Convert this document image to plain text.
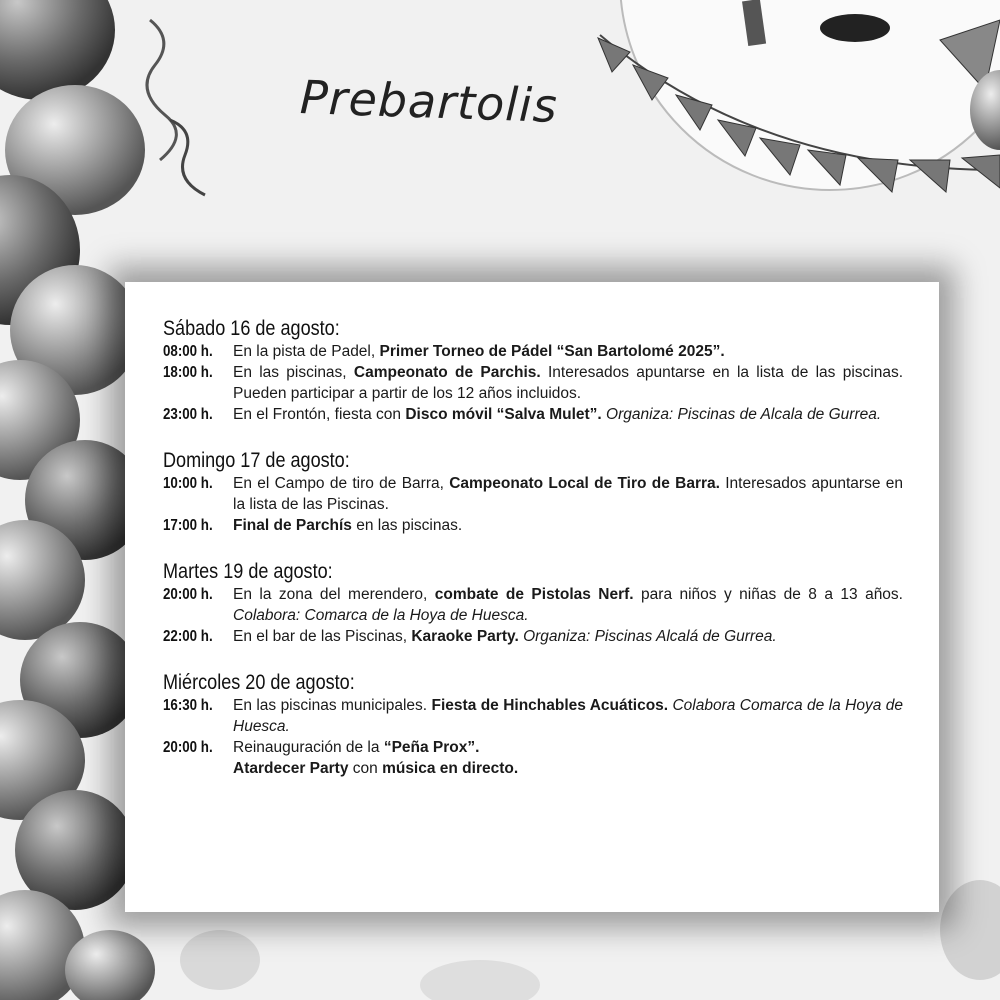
Prebartolis
Sábado 16 de agosto:
08:00 h.	En la pista de Padel, Primer Torneo de Pádel “San Bartolomé 2025”.
18:00 h.	En las piscinas, Campeonato de Parchis. Interesados apuntarse en la lista de las piscinas. Pueden participar a partir de los 12 años incluidos.
23:00 h.	En el Frontón, fiesta con Disco móvil “Salva Mulet”. Organiza: Piscinas de Alcala de Gurrea.
Domingo 17 de agosto:
10:00 h.	En el Campo de tiro de Barra, Campeonato Local de Tiro de Barra. Interesados apuntarse en la lista de las Piscinas.
17:00 h.	Final de Parchís en las piscinas.
Martes 19 de agosto:
20:00 h.	En la zona del merendero, combate de Pistolas Nerf. para niños y niñas de 8 a 13 años. Colabora: Comarca de la Hoya de Huesca.
22:00 h.	En el bar de las Piscinas, Karaoke Party. Organiza: Piscinas Alcalá de Gurrea.
Miércoles 20 de agosto:
16:30 h.	En las piscinas municipales. Fiesta de Hinchables Acuáticos. Colabora Comarca de la Hoya de Huesca.
20:00 h.	Reinauguración de la “Peña Prox”.
Atardecer Party con música en directo.
